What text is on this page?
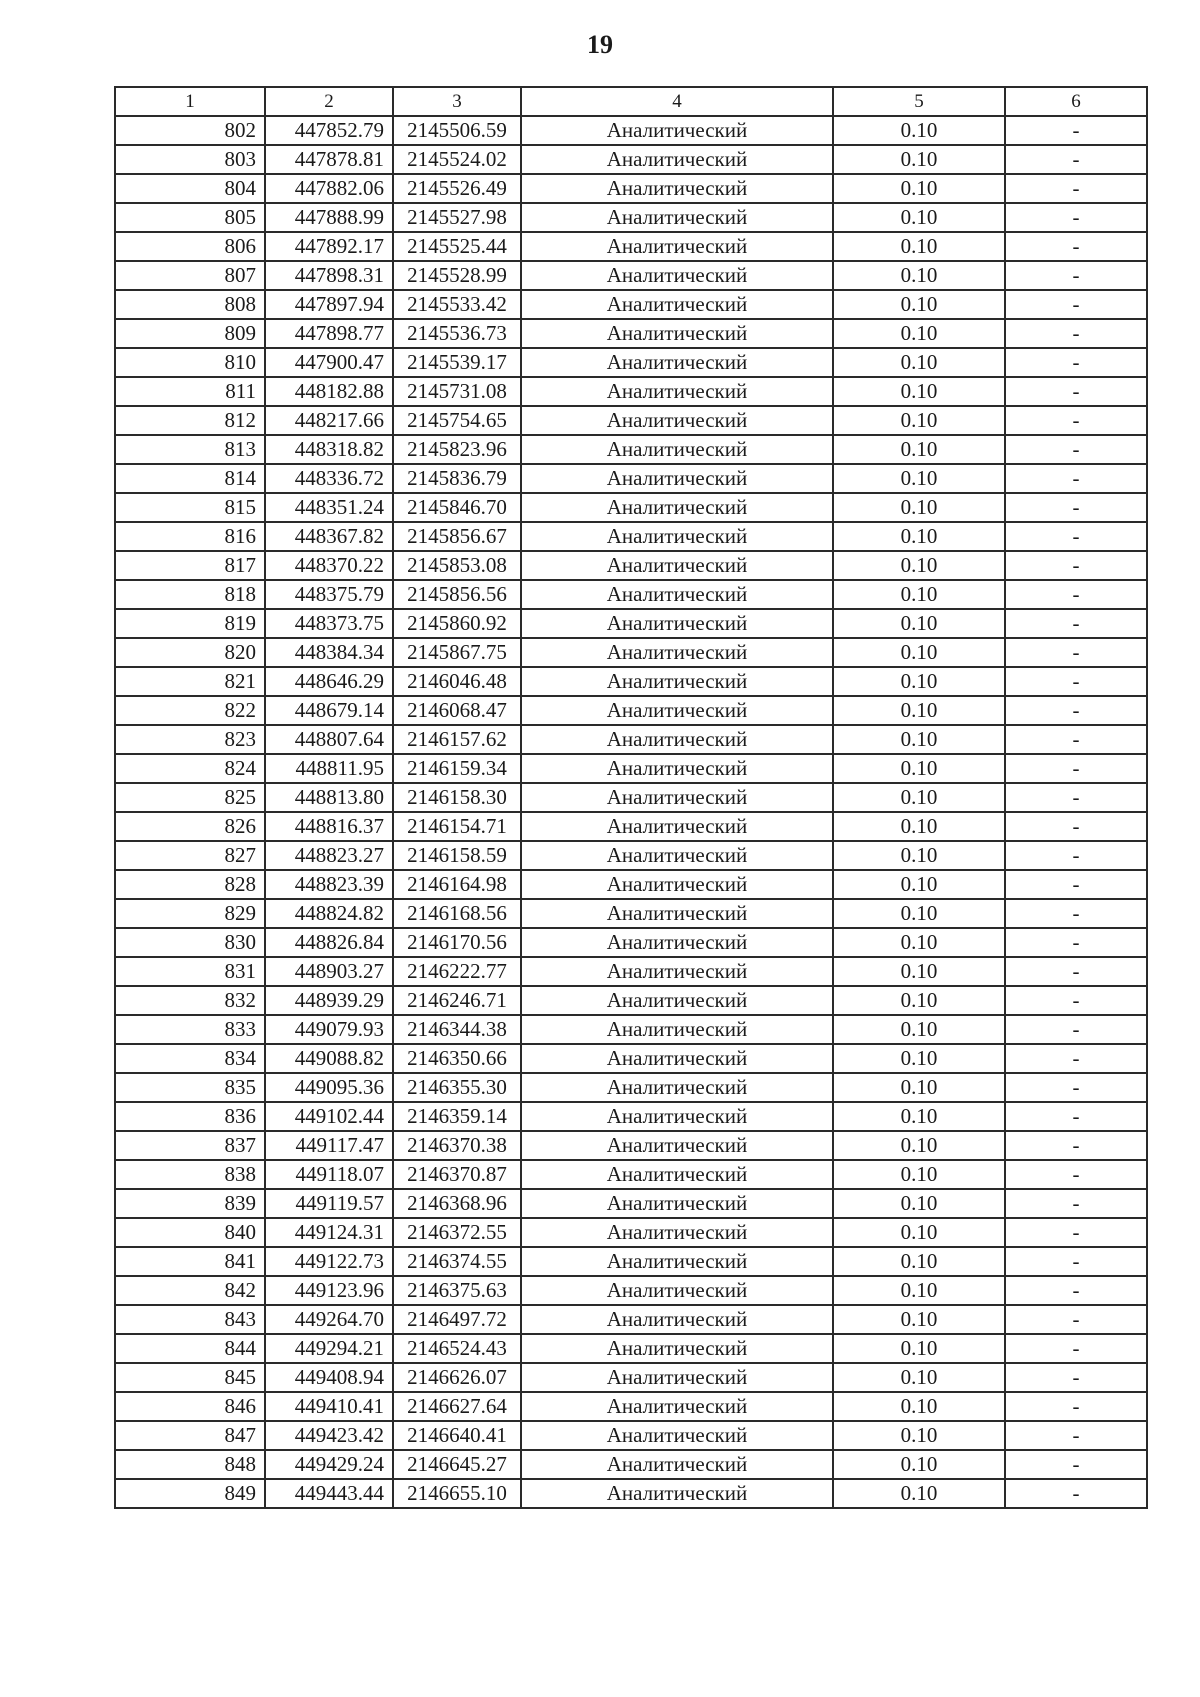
19
1	2	3	4	5	6
802	447852.79	2145506.59	Аналитический	0.10	-
803	447878.81	2145524.02	Аналитический	0.10	-
804	447882.06	2145526.49	Аналитический	0.10	-
805	447888.99	2145527.98	Аналитический	0.10	-
806	447892.17	2145525.44	Аналитический	0.10	-
807	447898.31	2145528.99	Аналитический	0.10	-
808	447897.94	2145533.42	Аналитический	0.10	-
809	447898.77	2145536.73	Аналитический	0.10	-
810	447900.47	2145539.17	Аналитический	0.10	-
811	448182.88	2145731.08	Аналитический	0.10	-
812	448217.66	2145754.65	Аналитический	0.10	-
813	448318.82	2145823.96	Аналитический	0.10	-
814	448336.72	2145836.79	Аналитический	0.10	-
815	448351.24	2145846.70	Аналитический	0.10	-
816	448367.82	2145856.67	Аналитический	0.10	-
817	448370.22	2145853.08	Аналитический	0.10	-
818	448375.79	2145856.56	Аналитический	0.10	-
819	448373.75	2145860.92	Аналитический	0.10	-
820	448384.34	2145867.75	Аналитический	0.10	-
821	448646.29	2146046.48	Аналитический	0.10	-
822	448679.14	2146068.47	Аналитический	0.10	-
823	448807.64	2146157.62	Аналитический	0.10	-
824	448811.95	2146159.34	Аналитический	0.10	-
825	448813.80	2146158.30	Аналитический	0.10	-
826	448816.37	2146154.71	Аналитический	0.10	-
827	448823.27	2146158.59	Аналитический	0.10	-
828	448823.39	2146164.98	Аналитический	0.10	-
829	448824.82	2146168.56	Аналитический	0.10	-
830	448826.84	2146170.56	Аналитический	0.10	-
831	448903.27	2146222.77	Аналитический	0.10	-
832	448939.29	2146246.71	Аналитический	0.10	-
833	449079.93	2146344.38	Аналитический	0.10	-
834	449088.82	2146350.66	Аналитический	0.10	-
835	449095.36	2146355.30	Аналитический	0.10	-
836	449102.44	2146359.14	Аналитический	0.10	-
837	449117.47	2146370.38	Аналитический	0.10	-
838	449118.07	2146370.87	Аналитический	0.10	-
839	449119.57	2146368.96	Аналитический	0.10	-
840	449124.31	2146372.55	Аналитический	0.10	-
841	449122.73	2146374.55	Аналитический	0.10	-
842	449123.96	2146375.63	Аналитический	0.10	-
843	449264.70	2146497.72	Аналитический	0.10	-
844	449294.21	2146524.43	Аналитический	0.10	-
845	449408.94	2146626.07	Аналитический	0.10	-
846	449410.41	2146627.64	Аналитический	0.10	-
847	449423.42	2146640.41	Аналитический	0.10	-
848	449429.24	2146645.27	Аналитический	0.10	-
849	449443.44	2146655.10	Аналитический	0.10	-
